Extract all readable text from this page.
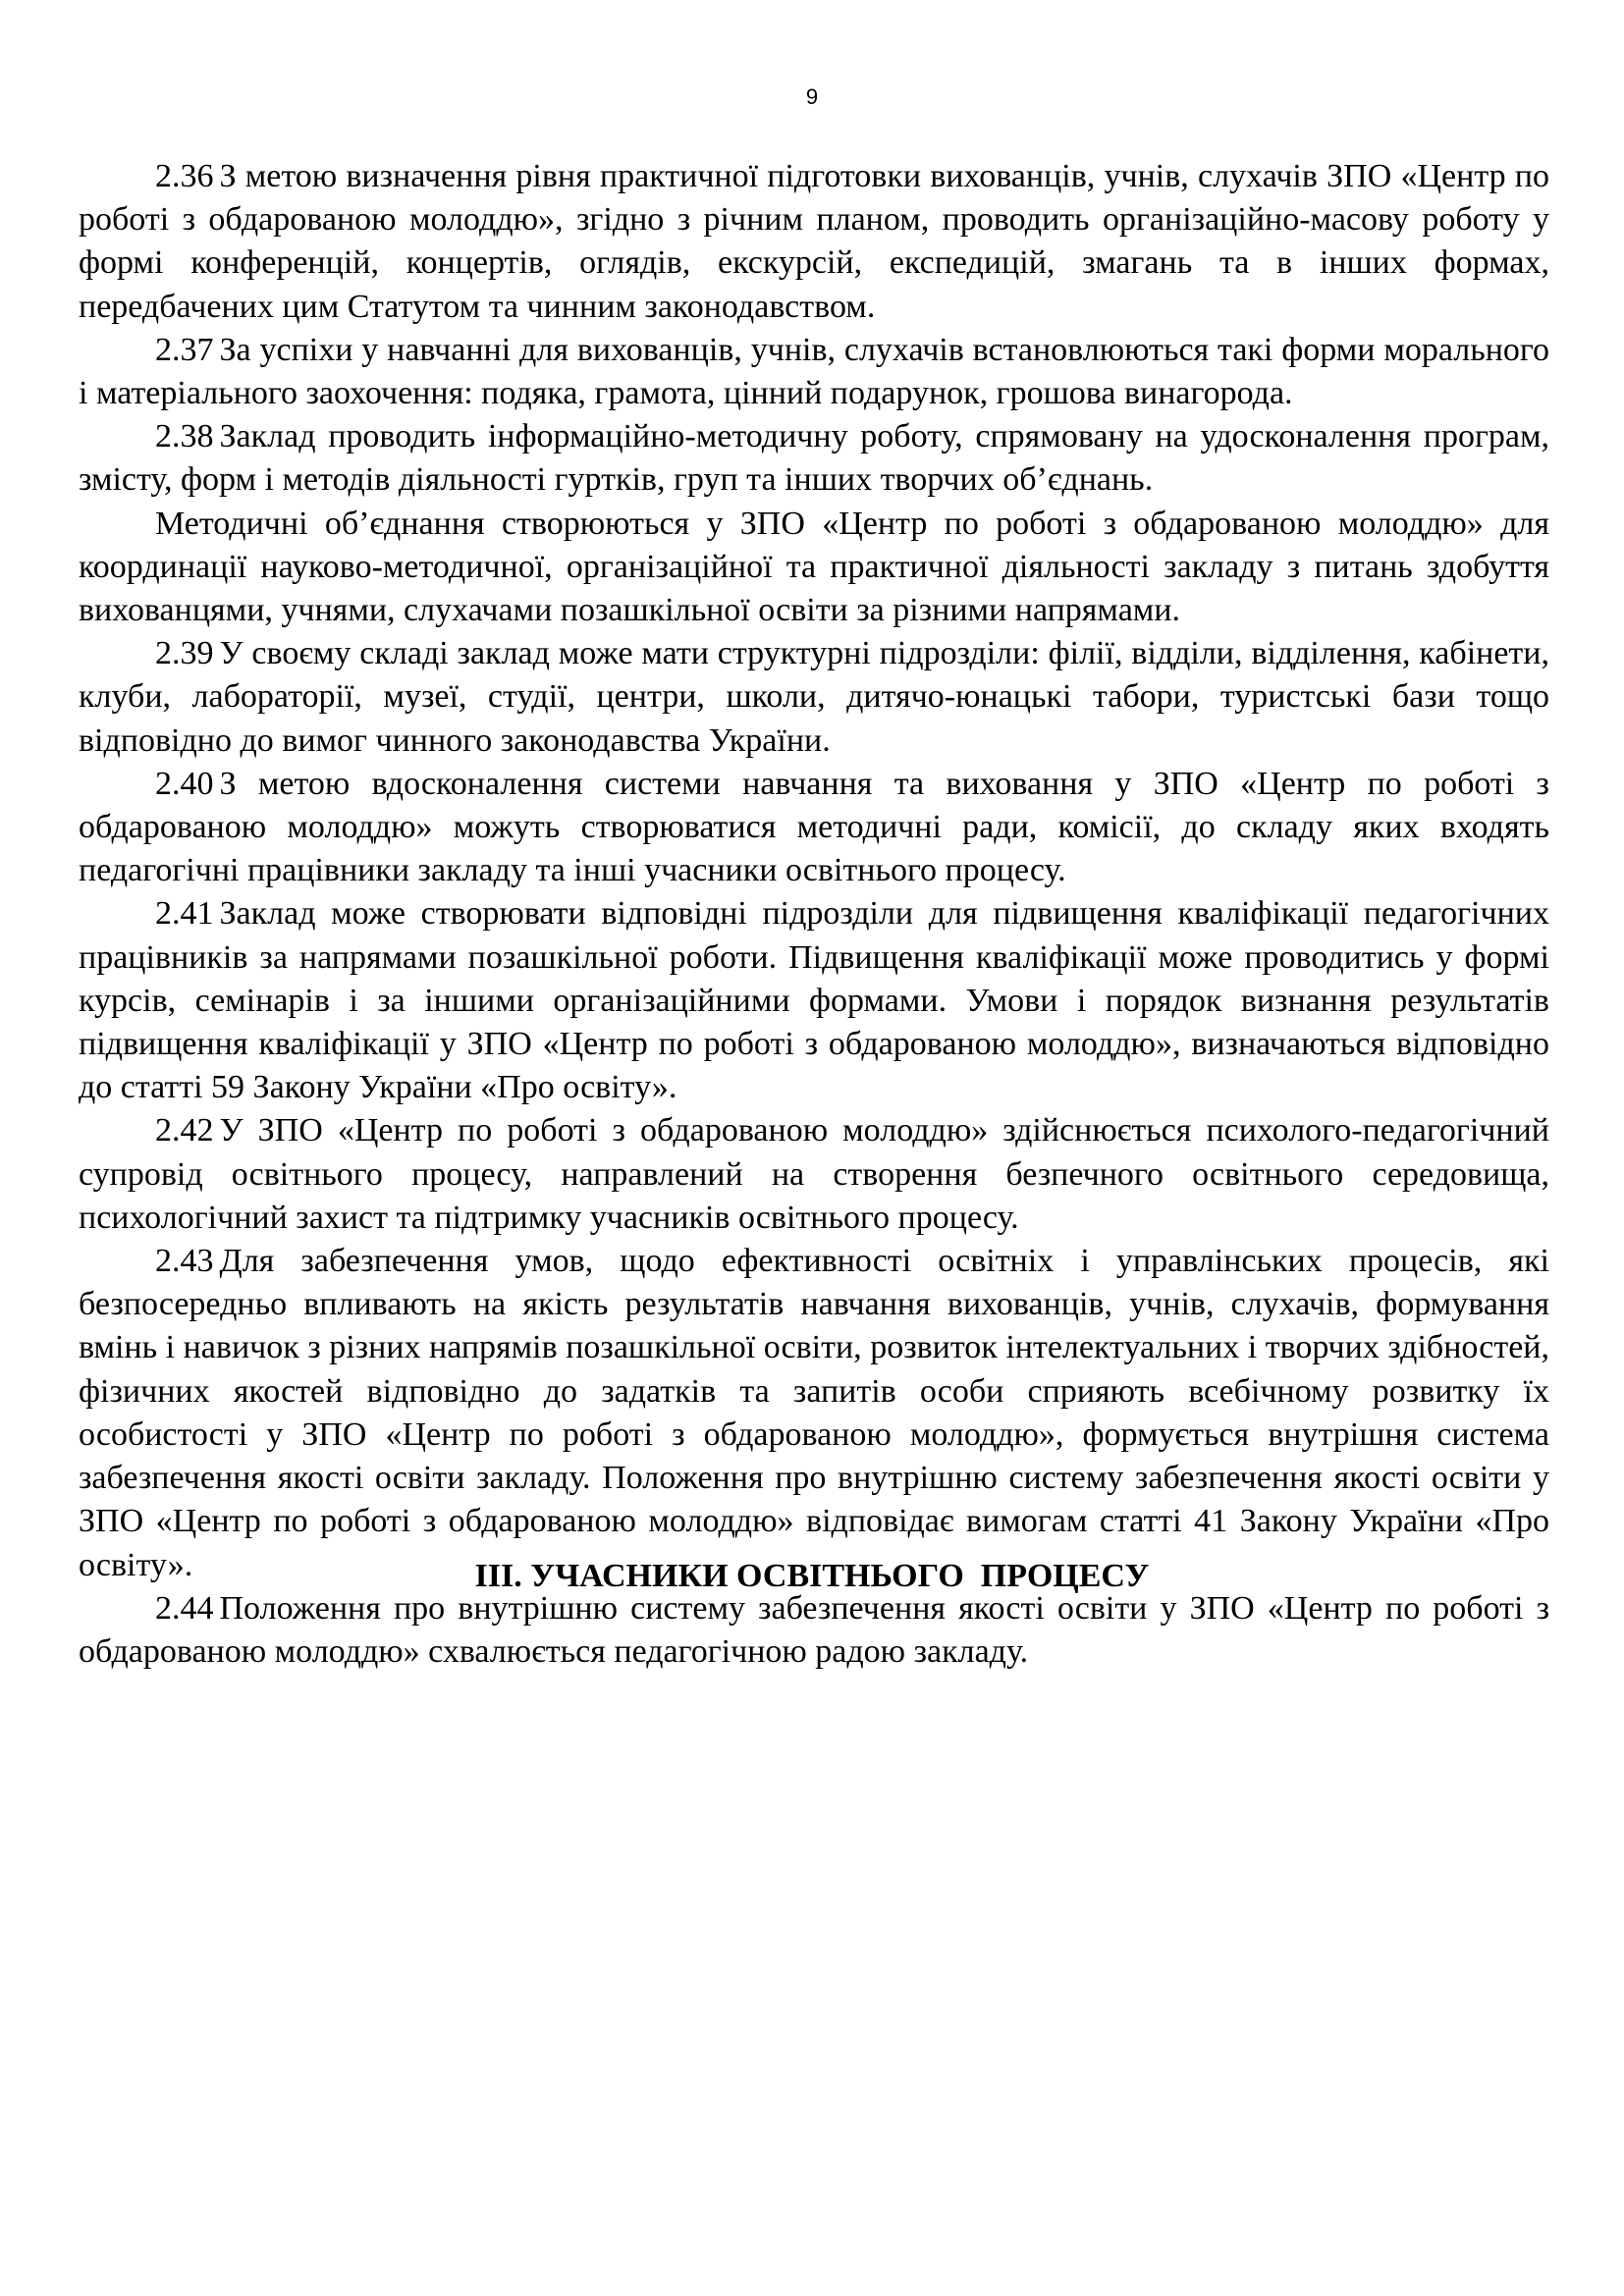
9

2.36 З метою визначення рівня практичної підготовки вихованців, учнів, слухачів ЗПО «Центр по роботі з обдарованою молоддю», згідно з річним планом, проводить організаційно-масову роботу у формі конференцій, концертів, оглядів, екскурсій, експедицій, змагань та в інших формах, передбачених цим Статутом та чинним законодавством.

2.37 За успіхи у навчанні для вихованців, учнів, слухачів встановлюються такі форми морального і матеріального заохочення: подяка, грамота, цінний подарунок, грошова винагорода.

2.38 Заклад проводить інформаційно-методичну роботу, спрямовану на удосконалення програм, змісту, форм і методів діяльності гуртків, груп та інших творчих об’єднань.

Методичні об’єднання створюються у ЗПО «Центр по роботі з обдарованою молоддю» для координації науково-методичної, організаційної та практичної діяльності закладу з питань здобуття вихованцями, учнями, слухачами позашкільної освіти за різними напрямами.

2.39 У своєму складі заклад може мати структурні підрозділи: філії, відділи, відділення, кабінети, клуби, лабораторії, музеї, студії, центри, школи, дитячо-юнацькі табори, туристські бази тощо відповідно до вимог чинного законодавства України.

2.40 З метою вдосконалення системи навчання та виховання у ЗПО «Центр по роботі з обдарованою молоддю» можуть створюватися методичні ради, комісії, до складу яких входять педагогічні працівники закладу та інші учасники освітнього процесу.

2.41 Заклад може створювати відповідні підрозділи для підвищення кваліфікації педагогічних працівників за напрямами позашкільної роботи. Підвищення кваліфікації може проводитись у формі курсів, семінарів і за іншими організаційними формами. Умови і порядок визнання результатів підвищення кваліфікації у ЗПО «Центр по роботі з обдарованою молоддю», визначаються відповідно до статті 59 Закону України «Про освіту».

2.42 У ЗПО «Центр по роботі з обдарованою молоддю» здійснюється психолого-педагогічний супровід освітнього процесу, направлений на створення безпечного освітнього середовища, психологічний захист та підтримку учасників освітнього процесу.

2.43 Для забезпечення умов, щодо ефективності освітніх і управлінських процесів, які безпосередньо впливають на якість результатів навчання вихованців, учнів, слухачів, формування вмінь і навичок з різних напрямів позашкільної освіти, розвиток інтелектуальних і творчих здібностей, фізичних якостей відповідно до задатків та запитів особи сприяють всебічному розвитку їх особистості у ЗПО «Центр по роботі з обдарованою молоддю», формується внутрішня система забезпечення якості освіти закладу. Положення про внутрішню систему забезпечення якості освіти у ЗПО «Центр по роботі з обдарованою молоддю» відповідає вимогам статті 41 Закону України «Про освіту».

2.44 Положення про внутрішню систему забезпечення якості освіти у ЗПО «Центр по роботі з обдарованою молоддю» схвалюється педагогічною радою закладу.

ІІІ. УЧАСНИКИ ОСВІТНЬОГО  ПРОЦЕСУ
